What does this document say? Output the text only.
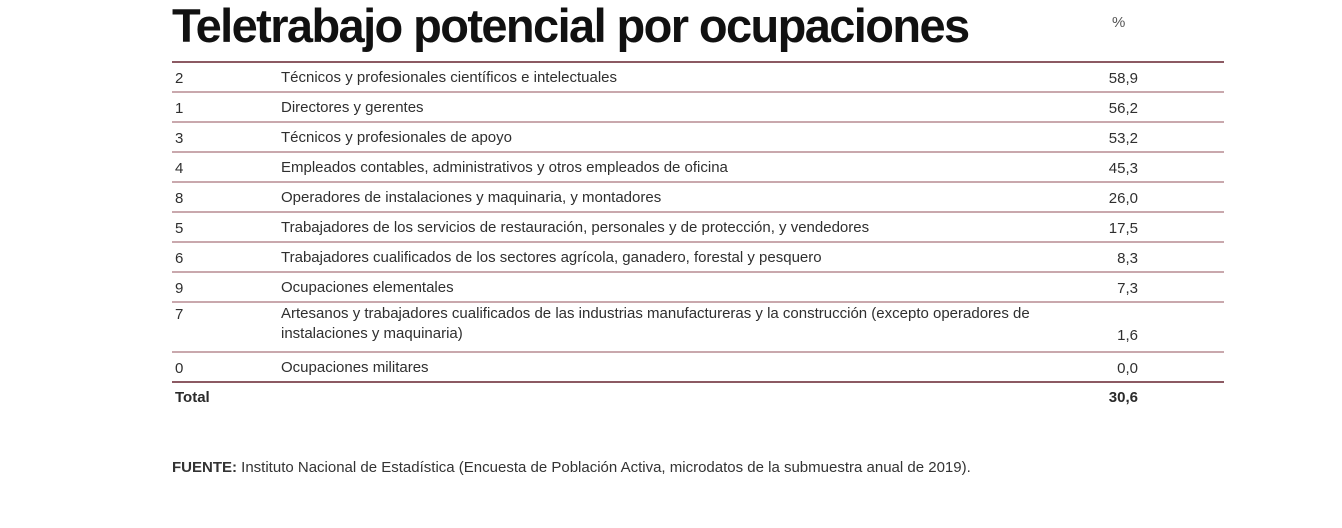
Teletrabajo potencial por ocupaciones	%
2	Técnicos y profesionales científicos e intelectuales	58,9
1	Directores y gerentes	56,2
3	Técnicos y profesionales de apoyo	53,2
4	Empleados contables, administrativos y otros empleados de oficina	45,3
8	Operadores de instalaciones y maquinaria, y montadores	26,0
5	Trabajadores de los servicios de restauración, personales y de protección, y vendedores	17,5
6	Trabajadores cualificados de los sectores agrícola, ganadero, forestal y pesquero	8,3
9	Ocupaciones elementales	7,3
7	Artesanos y trabajadores cualificados de las industrias manufactureras y la construcción (excepto operadores de instalaciones y maquinaria)	1,6
0	Ocupaciones militares	0,0
Total	30,6
FUENTE: Instituto Nacional de Estadística (Encuesta de Población Activa, microdatos de la submuestra anual de 2019).
